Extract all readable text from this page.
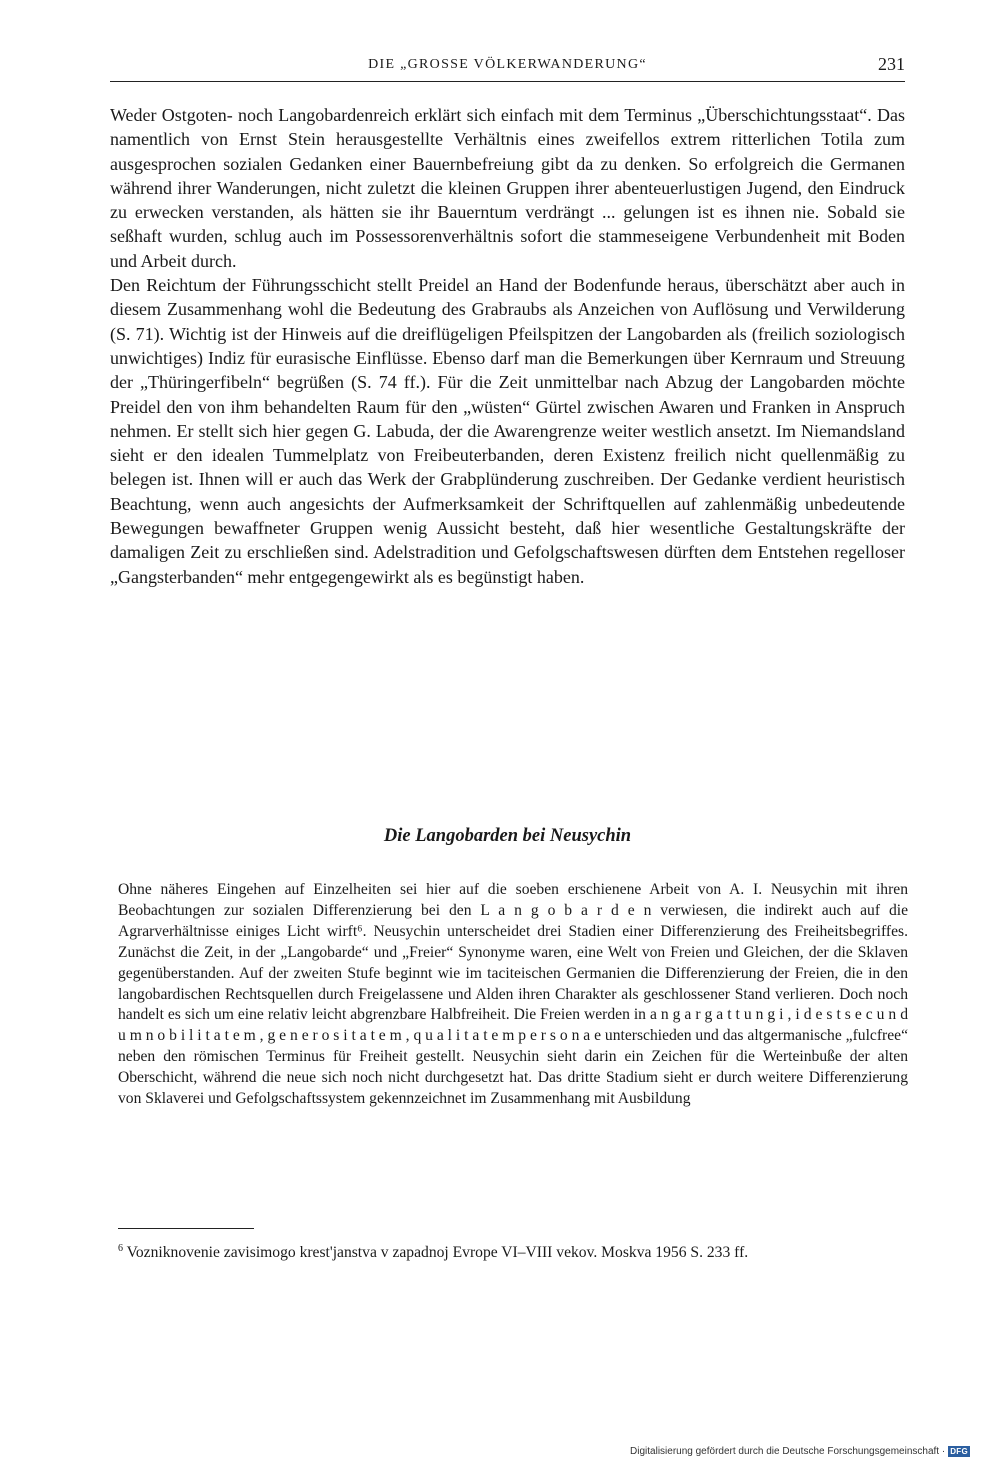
DIE „GROSSE VÖLKERWANDERUNG“	231

Weder Ostgoten- noch Langobardenreich erklärt sich einfach mit dem Terminus „Überschichtungsstaat“. Das namentlich von Ernst Stein herausgestellte Verhältnis eines zweifellos extrem ritterlichen Totila zum ausgesprochen sozialen Gedanken einer Bauernbefreiung gibt da zu denken. So erfolgreich die Germanen während ihrer Wanderungen, nicht zuletzt die kleinen Gruppen ihrer abenteuerlustigen Jugend, den Eindruck zu erwecken verstanden, als hätten sie ihr Bauerntum verdrängt ... gelungen ist es ihnen nie. Sobald sie seßhaft wurden, schlug auch im Possessorenverhältnis sofort die stammeseigene Verbundenheit mit Boden und Arbeit durch.

Den Reichtum der Führungsschicht stellt Preidel an Hand der Bodenfunde heraus, überschätzt aber auch in diesem Zusammenhang wohl die Bedeutung des Grabraubs als Anzeichen von Auflösung und Verwilderung (S. 71). Wichtig ist der Hinweis auf die dreiflügeligen Pfeilspitzen der Langobarden als (freilich soziologisch unwichtiges) Indiz für eurasische Einflüsse. Ebenso darf man die Bemerkungen über Kernraum und Streuung der „Thüringerfibeln“ begrüßen (S. 74 ff.). Für die Zeit unmittelbar nach Abzug der Langobarden möchte Preidel den von ihm behandelten Raum für den „wüsten“ Gürtel zwischen Awaren und Franken in Anspruch nehmen. Er stellt sich hier gegen G. Labuda, der die Awarengrenze weiter westlich ansetzt. Im Niemandsland sieht er den idealen Tummelplatz von Freibeuterbanden, deren Existenz freilich nicht quellenmäßig zu belegen ist. Ihnen will er auch das Werk der Grabplünderung zuschreiben. Der Gedanke verdient heuristisch Beachtung, wenn auch angesichts der Aufmerksamkeit der Schriftquellen auf zahlenmäßig unbedeutende Bewegungen bewaffneter Gruppen wenig Aussicht besteht, daß hier wesentliche Gestaltungskräfte der damaligen Zeit zu erschließen sind. Adelstradition und Gefolgschaftswesen dürften dem Entstehen regelloser „Gangsterbanden“ mehr entgegengewirkt als es begünstigt haben.

Die Langobarden bei Neusychin

Ohne näheres Eingehen auf Einzelheiten sei hier auf die soeben erschienene Arbeit von A. I. Neusychin mit ihren Beobachtungen zur sozialen Differenzierung bei den L a n g o b a r d e n verwiesen, die indirekt auch auf die Agrarverhältnisse einiges Licht wirft⁶. Neusychin unterscheidet drei Stadien einer Differenzierung des Freiheitsbegriffes. Zunächst die Zeit, in der „Langobarde“ und „Freier“ Synonyme waren, eine Welt von Freien und Gleichen, der die Sklaven gegenüberstanden. Auf der zweiten Stufe beginnt wie im taciteischen Germanien die Differenzierung der Freien, die in den langobardischen Rechtsquellen durch Freigelassene und Alden ihren Charakter als geschlossener Stand verlieren. Doch noch handelt es sich um eine relativ leicht abgrenzbare Halbfreiheit. Die Freien werden in a n g a r g a t t u n g i , i d e s t s e c u n d u m n o b i l i t a t e m , g e n e r o s i t a t e m , q u a l i t a t e m p e r s o n a e unterschieden und das altgermanische „fulcfree“ neben den römischen Terminus für Freiheit gestellt. Neusychin sieht darin ein Zeichen für die Werteinbuße der alten Oberschicht, während die neue sich noch nicht durchgesetzt hat. Das dritte Stadium sieht er durch weitere Differenzierung von Sklaverei und Gefolgschaftssystem gekennzeichnet im Zusammenhang mit Ausbildung

$^6$ Vozniknovenie zavisimogo krest'janstva v zapadnoj Evrope VI–VIII vekov. Moskva 1956 S. 233 ff.

Digitalisierung gefördert durch die Deutsche Forschungsgemeinschaft · DFG
